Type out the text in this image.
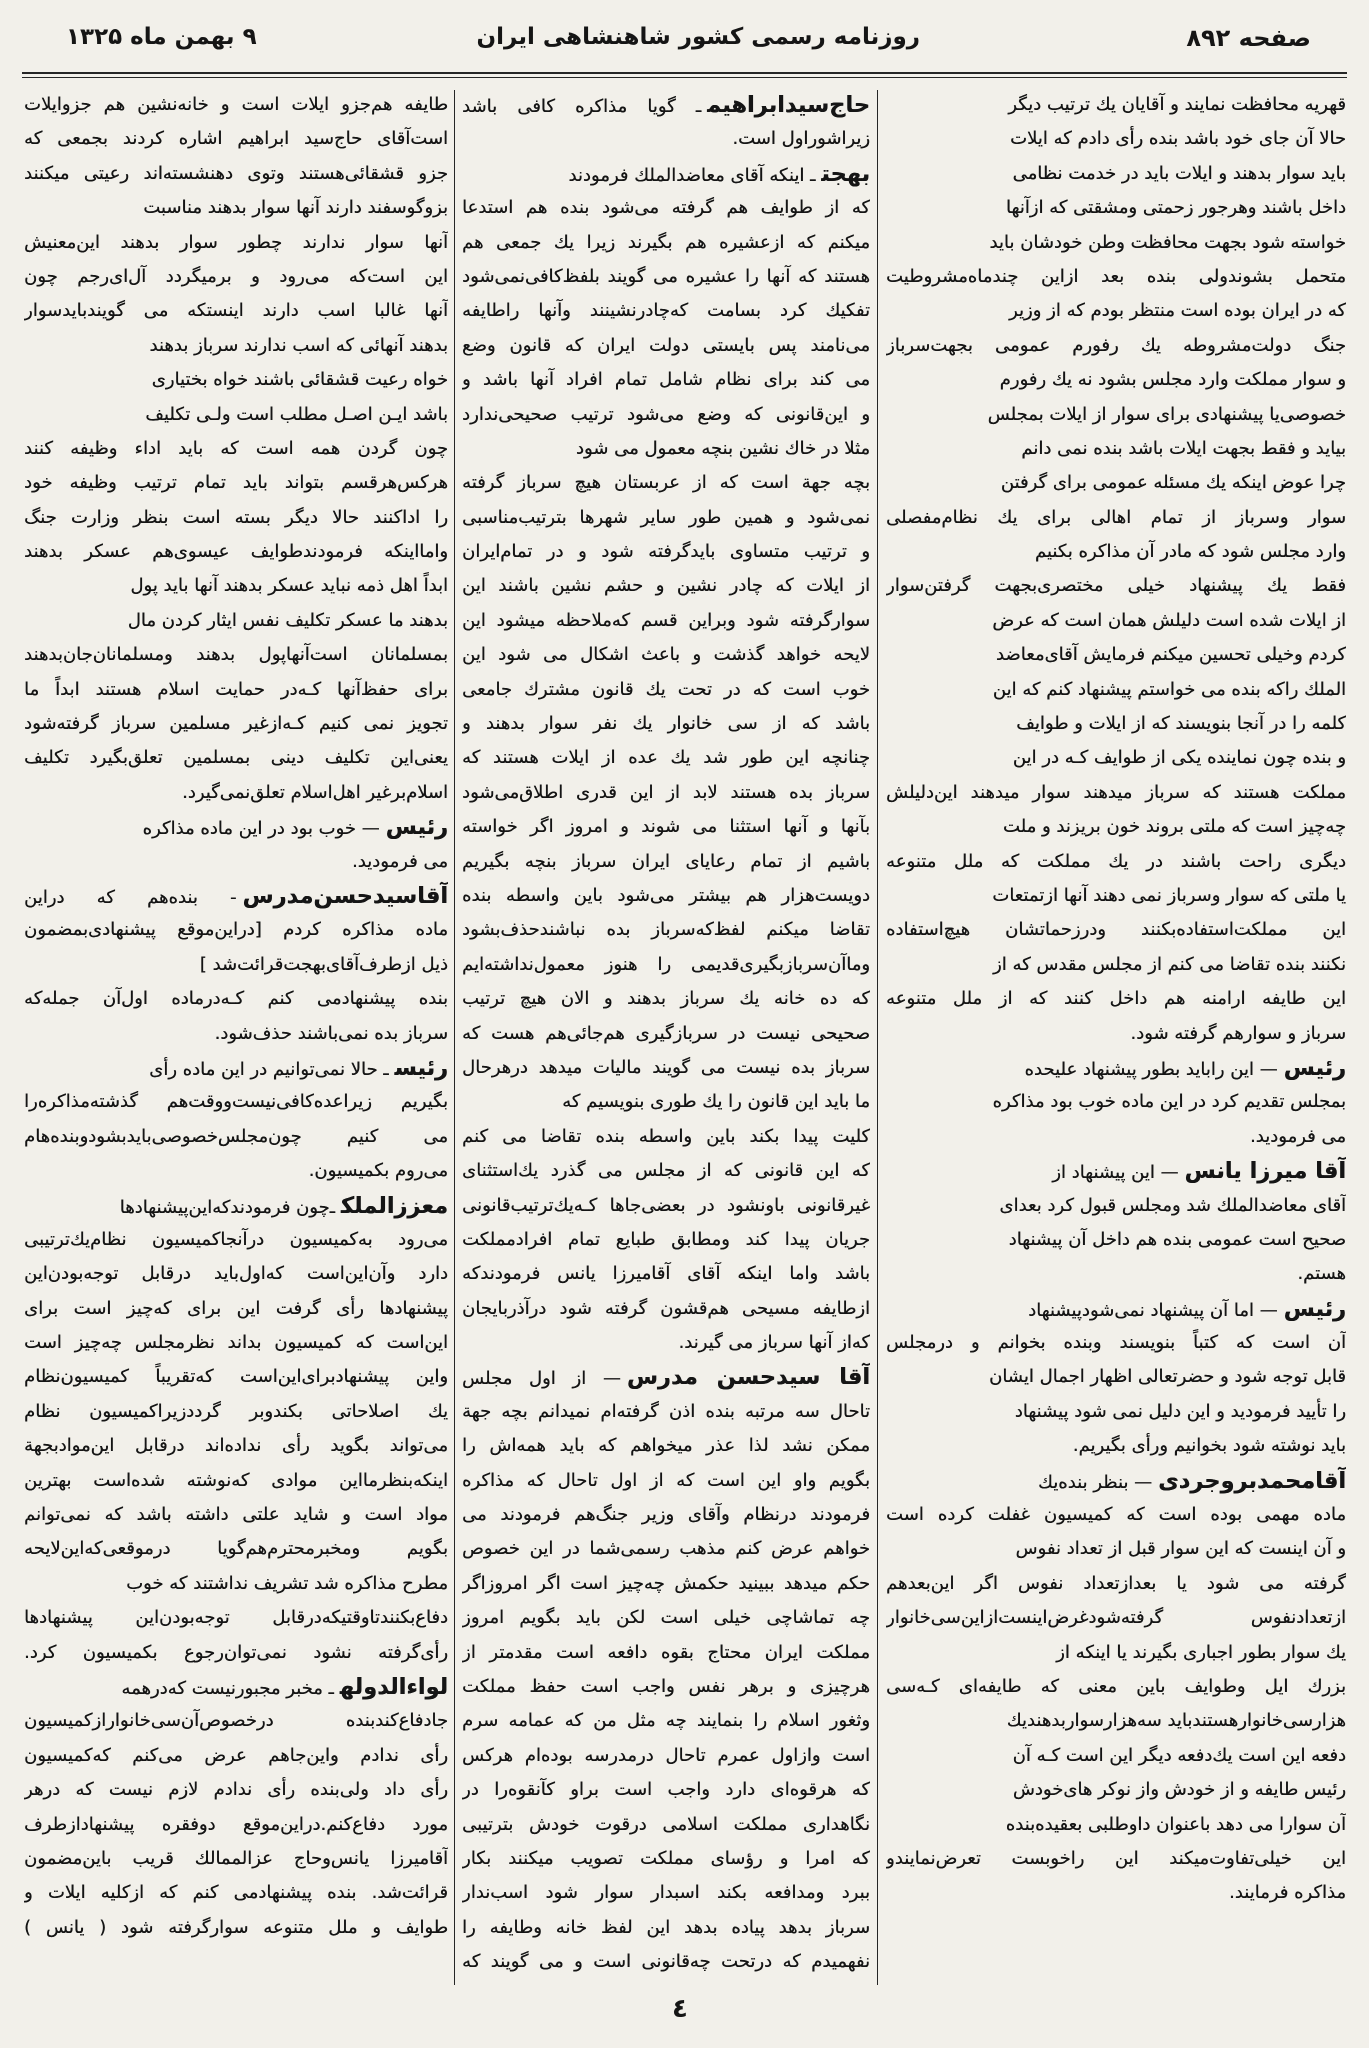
صفحه ۸۹۲
روزنامه رسمی کشور شاهنشاهی ایران
۹ بهمن ماه ۱۳۲۵
قهریه محافظت نمایند و آقایان یك ترتیب دیگر
حالا آن جای خود باشد بنده رأی دادم که ایلات
باید سوار بدهند و ایلات باید در خدمت نظامی
داخل باشند وهرجور زحمتی ومشقتی که ازآنها
خواسته شود بجهت محافظت وطن خودشان باید
متحمل بشوندولی بنده بعد ازاین چندماه‌مشروطیت
که در ایران بوده است منتظر بودم که از وزیر
جنگ دولت‌مشروطه یك رفورم عمومی بجهت‌سرباز
و سوار مملکت وارد مجلس بشود نه یك رفورم
خصوصی‌یا پیشنهادی برای سوار از ایلات بمجلس
بیاید و فقط بجهت ایلات باشد بنده نمی دانم
چرا عوض اینکه یك مسئله عمومی برای گرفتن
سوار وسرباز از تمام اهالی برای یك نظام‌مفصلی
وارد مجلس شود که مادر آن مذاکره بکنیم
فقط یك پیشنهاد خیلی مختصری‌بجهت گرفتن‌سوار
از ایلات شده است دلیلش همان است که عرض
کردم وخیلی تحسین میکنم فرمایش آقای‌معاضد
الملك راکه بنده می خواستم پیشنهاد کنم که این
کلمه را در آنجا بنویسند که از ایلات و طوایف
و بنده چون نماینده یکی از طوایف کـه در این
مملکت هستند که سرباز میدهند سوار میدهند این‌دلیلش
چه‌چیز است که ملتی بروند خون بریزند و ملت
دیگری راحت باشند در یك مملکت که ملل متنوعه
یا ملتی که سوار وسرباز نمی دهند آنها ازتمتعات
این مملکت‌استفاده‌بکنند ودرزحماتشان هیچ‌استفاده
نکنند بنده تقاضا می کنم از مجلس مقدس که از
این طایفه ارامنه هم داخل کنند که از ملل متنوعه
سرباز و سوارهم گرفته شود.
رئیس— این راباید بطور پیشنهاد علیحده
بمجلس تقدیم کرد در این ماده خوب بود مذاکره
می فرمودید.
آقا میرزا یانس— این پیشنهاد از
آقای معاضدالملك شد ومجلس قبول کرد بعدای
صحیح است عمومی بنده هم داخل آن پیشنهاد
هستم.
رئیس— اما آن پیشنهاد نمی‌شودپیشنهاد
آن است که کتباً بنویسند وبنده بخوانم و درمجلس
قابل توجه شود و حضرتعالی اظهار اجمال ایشان
را تأیید فرمودید و این دلیل نمی شود پیشنهاد
باید نوشته شود بخوانیم ورأی بگیریم.
آقامحمدبروجردی— بنظر بنده‌یك
ماده مهمی بوده است که کمیسیون غفلت کرده است
و آن اینست که این سوار قبل از تعداد نفوس
گرفته می شود یا بعدازتعداد نفوس اگر این‌بعدهم
ازتعدادنفوس گرفته‌شودغرض‌اینست‌ازاین‌سی‌خانوار
یك سوار بطور اجباری بگیرند یا اینکه از
بزرك ایل وطوایف باین معنی که طایفه‌ای کـه‌سی
هزارسی‌خانوارهستندباید سه‌هزارسواربدهندیك
دفعه این است یك‌دفعه دیگر این است کـه آن
رئیس طایفه و از خودش واز نوکر های‌خودش
آن سوارا می دهد باعنوان داوطلبی بعقیده‌بنده
این خیلی‌تفاوت‌میکند این راخوبست تعرض‌نمایند‌و
مذاکره فرمایند.
حاج‌سیدابراهیمـ گویا مذاکره کافی باشد
زیراشوراول است.
بهجتـ اینکه آقای معاضدالملك فرمودند
که از طوایف هم گرفته می‌شود بنده هم استدعا
میکنم که ازعشیره هم بگیرند زیرا یك جمعی هم
هستند که آنها را عشیره می گویند بلفظ‌کافی‌نمی‌شود
تفکیك کرد بسامت که‌چادرنشینند وآنها راطایفه
می‌نامند پس بایستی دولت ایران که قانون وضع
می کند برای نظام شامل تمام افراد آنها باشد و
و این‌قانونی که وضع می‌شود ترتیب صحیحی‌ندارد
مثلا در خاك نشین بنچه معمول می شود
بچه جهة است که از عربستان هیچ سرباز گرفته
نمی‌شود و همین طور سایر شهرها بترتیب‌مناسبی
و ترتیب متساوی باید‌گرفته شود و در تمام‌ایران
از ایلات که چادر نشین و حشم نشین باشند این
سوارگرفته شود وبراین قسم که‌ملاحظه میشود این
لایحه خواهد گذشت و باعث اشکال می شود این
خوب است که در تحت یك قانون مشترك جامعی
باشد که از سی خانوار یك نفر سوار بدهند و
چنانچه این طور شد یك عده از ایلات هستند که
سرباز بده هستند لابد از این قدری اطلاق‌می‌شود
بآنها و آنها استثنا می شوند و امروز اگر خواسته
باشیم از تمام رعایای ایران سرباز بنچه بگیریم
دویست‌هزار هم بیشتر می‌شود باین واسطه بنده
تقاضا میکنم لفظ‌که‌سرباز بده نباشند‌حذف‌بشود
وماآن‌سرباز‌بگیری‌قدیمی را هنوز معمول‌نداشته‌ایم
که ده خانه یك سرباز بدهند و الان هیچ ترتیب
صحیحی نیست در سربازگیری هم‌جائی‌هم هست که
سرباز بده نیست می گویند مالیات میدهد درهرحال
ما باید این قانون را یك طوری بنویسیم که
کلیت پیدا بکند باین واسطه بنده تقاضا می کنم
که این قانونی که از مجلس می گذرد یك‌استثنای
غیرقانونی باونشود در بعضی‌جاها کـه‌یك‌ترتیب‌قانونی
جریان پیدا کند ومطابق طبایع تمام افرادمملکت
باشد واما اینکه آقای آقامیرزا یانس فرمودند‌که
ازطایفه مسیحی هم‌قشون گرفته شود درآذربایجان
که‌از آنها سرباز می گیرند.
آقا سیدحسن مدرس— از اول مجلس
تاحال سه مرتبه بنده اذن گرفته‌ام نمیدانم بچه جهة
ممکن نشد لذا عذر میخواهم که باید همه‌اش را
بگویم واو این است که از اول تاحال که مذاکره
فرمودند درنظام وآقای وزیر جنگ‌هم فرمودند می
خواهم عرض کنم مذهب رسمی‌شما در این خصوص
حکم میدهد ببینید حکمش چه‌چیز است اگر امروزاگر
چه تماشاچی خیلی است لکن باید بگویم امروز
مملکت ایران محتاج بقوه دافعه است مقدمتر از
هرچیزی و برهر نفس واجب است حفظ مملکت
وثغور اسلام را بنمایند چه مثل من که عمامه سرم
است وازاول عمرم تاحال درمدرسه بوده‌ام هرکس
که هرقوه‌ای دارد واجب است براو کآنقوه‌را در
نگاهداری مملکت اسلامی درقوت خودش بترتیبی
که امرا و رؤسای مملکت تصویب میکنند بکار
ببرد ومدافعه بکند اسبدار سوار شود اسب‌ندار
سرباز بدهد پیاده بدهد این لفظ خانه وطایفه را
نفهمیدم که درتحت چه‌قانونی است و می گویند که
طایفه هم‌جزو ایلات است و خانه‌نشین هم جزوایلات
است‌آقای حاج‌سید ابراهیم اشاره کردند بجمعی که
جزو قشقائی‌هستند وتوی دهنشسته‌اند رعیتی میکنند
بزوگوسفند دارند آنها سوار بدهند مناسبت
آنها سوار ندارند چطور سوار بدهند این‌معنیش
این است‌که می‌رود و برمیگردد آل‌ای‌رجم چون
آنها غالبا اسب دارند اینستکه می گویند‌بایدسوار
بدهند آنهائی که اسب ندارند سرباز بدهند
خواه رعیت قشقائی باشند خواه بختیاری
باشد ایـن اصـل مطلب است ولـی تکلیف
چون گردن همه است که باید اداء وظیفه کنند
هرکس‌هرقسم بتواند باید تمام ترتیب وظیفه خود
را اداکنند حالا دیگر بسته است بنظر وزارت جنگ
وامااینکه فرمودندطوایف عیسوی‌هم عسکر بدهند
ابداً اهل ذمه نباید عسکر بدهند آنها باید پول
بدهند ما عسکر تکلیف نفس ایثار کردن مال
بمسلمانان است‌آنهاپول بدهند ومسلمانان‌جان‌بدهند
برای حفظ‌آنها کـه‌در حمایت اسلام هستند ابداً ما
تجویز نمی کنیم کـه‌ازغیر مسلمین سرباز گرفته‌شود
یعنی‌این تکلیف دینی بمسلمین تعلق‌بگیرد تکلیف
اسلام‌برغیر اهل‌اسلام تعلق‌نمی‌گیرد.
رئیس— خوب بود در این ماده مذاکره
می فرمودید.
آقاسیدحسن‌مدرس- بنده‌هم که دراین
ماده مذاکره کردم [دراین‌موقع پیشنهادی‌بمضمون
ذیل ازطرف‌آقای‌بهجت‌قرائت‌شد ]
بنده پیشنهادمی کنم کـه‌درماده اول‌آن جمله‌که
سرباز بده نمی‌باشند حذف‌شود.
رئیسـ حالا نمی‌توانیم در این ماده رأی
بگیریم زیرا‌عده‌کافی‌نیست‌ووقت‌هم گذشته‌مذاکره‌را
می کنیم چون‌مجلس‌خصوصی‌بایدبشود‌وبنده‌هام
می‌روم بکمیسیون.
معززالملكـ‌چون فرمودندکه‌این‌پیشنهادها
می‌رود به‌کمیسیون درآنجاکمیسیون نظام‌یك‌ترتیبی
دارد وآن‌این‌است که‌اول‌باید درقابل توجه‌بودن‌این
پیشنهادها رأی گرفت این برای که‌چیز است برای
این‌است که کمیسیون بداند نظرمجلس چه‌چیز است
واین پیشنهادبرای‌این‌است که‌تقریباً کمیسیون‌نظام
یك اصلاحاتی بکندوبر گردد‌زیرا‌کمیسیون نظام
می‌تواند بگوید رأی نداده‌اند درقابل این‌موادبجهة
اینکه‌بنظرما‌این موادی که‌نوشته شده‌است بهترین
مواد است و شاید علتی داشته باشد که نمی‌توانم
بگویم ومخبرمحترم‌هم‌گویا درموقعی‌که‌این‌لایحه
مطرح مذاکره شد تشریف نداشتند که خوب
دفاع‌بکنند‌تاوقتیکه‌درقابل توجه‌بودن‌این پیشنهادها
رأی‌گرفته نشود نمی‌توان‌رجوع بکمیسیون کرد.
لواءالدولهـ مخبر مجبورنیست که‌درهمه
جادفاع‌کندبنده درخصوص‌آن‌سی‌خانوارازکمیسیون
رأی ندادم واین‌جاهم عرض می‌کنم که‌کمیسیون
رأی داد ولی‌بنده رأی ندادم لازم نیست که در‌هر
مورد دفاع‌کنم.دراین‌موقع دوفقره پیشنهادازطرف
آقامیرزا یانس‌وحاج عزالممالك قریب باین‌مضمون
قرائت‌شد. بنده پیشنهادمی کنم که ازکلیه ایلات و
طوایف و ملل متنوعه سوارگرفته شود ( یانس )
٤
